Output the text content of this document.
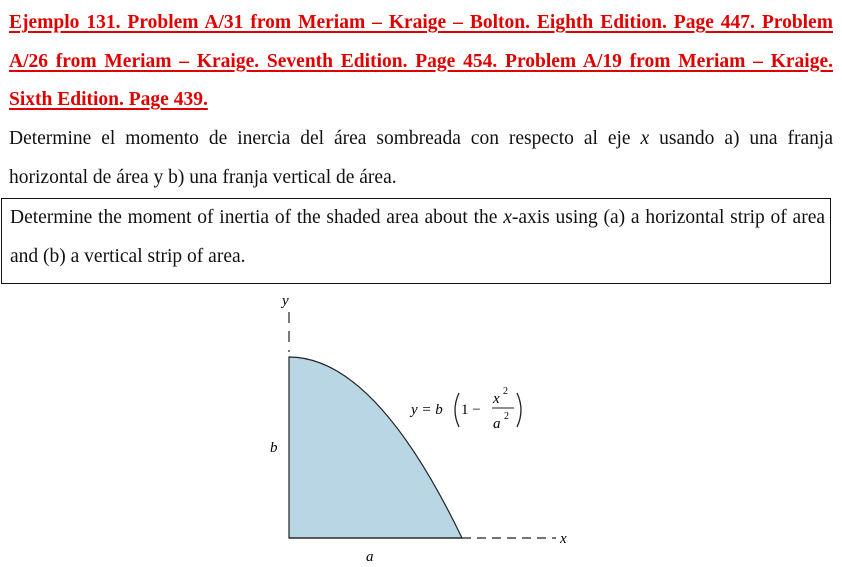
Ejemplo 131. Problem A/31 from Meriam – Kraige – Bolton. Eighth Edition. Page 447. Problem A/26 from Meriam – Kraige. Seventh Edition. Page 454. Problem A/19 from Meriam – Kraige. Sixth Edition. Page 439.
Determine el momento de inercia del área sombreada con respecto al eje x usando a) una franja horizontal de área y b) una franja vertical de área.
Determine the moment of inertia of the shaded area about the x-axis using (a) a horizontal strip of area and (b) a vertical strip of area.
y
x
b
a
y = b 1 −
x 2
a 2
